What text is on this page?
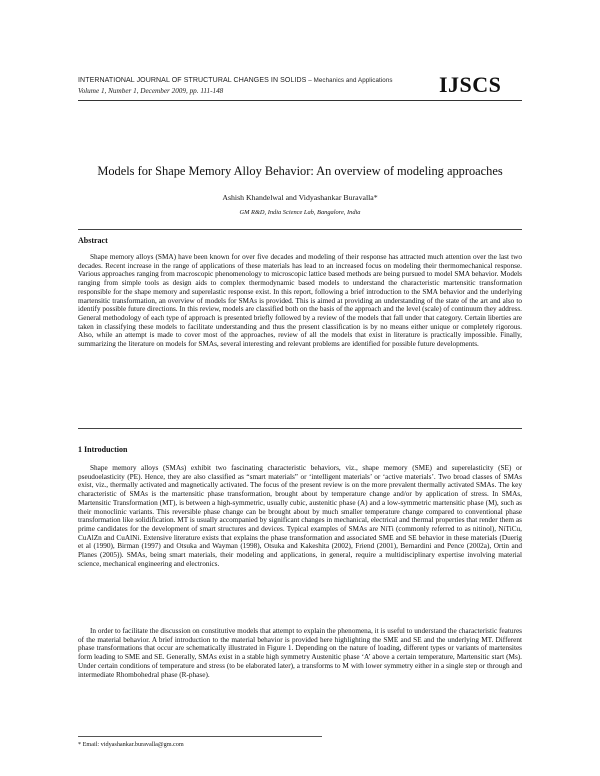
INTERNATIONAL JOURNAL OF STRUCTURAL CHANGES IN SOLIDS – Mechanics and Applications
Volume 1, Number 1, December 2009, pp. 111-148	IJSCS
Models for Shape Memory Alloy Behavior: An overview of modeling approaches
Ashish Khandelwal and Vidyashankar Buravalla*
GM R&D, India Science Lab, Bangalore, India
Abstract

Shape memory alloys (SMA) have been known for over five decades and modeling of their response has attracted much attention over the last two decades. Recent increase in the range of applications of these materials has lead to an increased focus on modeling their thermomechanical response. Various approaches ranging from macroscopic phenomenology to microscopic lattice based methods are being pursued to model SMA behavior. Models ranging from simple tools as design aids to complex thermodynamic based models to understand the characteristic martensitic transformation responsible for the shape memory and superelastic response exist. In this report, following a brief introduction to the SMA behavior and the underlying martensitic transformation, an overview of models for SMAs is provided. This is aimed at providing an understanding of the state of the art and also to identify possible future directions. In this review, models are classified both on the basis of the approach and the level (scale) of continuum they address. General methodology of each type of approach is presented briefly followed by a review of the models that fall under that category. Certain liberties are taken in classifying these models to facilitate understanding and thus the present classification is by no means either unique or completely rigorous. Also, while an attempt is made to cover most of the approaches, review of all the models that exist in literature is practically impossible. Finally, summarizing the literature on models for SMAs, several interesting and relevant problems are identified for possible future developments.

1 Introduction

Shape memory alloys (SMAs) exhibit two fascinating characteristic behaviors, viz., shape memory (SME) and superelasticity (SE) or pseudoelasticity (PE). Hence, they are also classified as “smart materials” or ‘intelligent materials’ or ‘active materials’. Two broad classes of SMAs exist, viz., thermally activated and magnetically activated. The focus of the present review is on the more prevalent thermally activated SMAs. The key characteristic of SMAs is the martensitic phase transformation, brought about by temperature change and/or by application of stress. In SMAs, Martensitic Transformation (MT), is between a high-symmetric, usually cubic, austenitic phase (A) and a low-symmetric martensitic phase (M), such as their monoclinic variants. This reversible phase change can be brought about by much smaller temperature change compared to conventional phase transformation like solidification. MT is usually accompanied by significant changes in mechanical, electrical and thermal properties that render them as prime candidates for the development of smart structures and devices. Typical examples of SMAs are NiTi (commonly referred to as nitinol), NiTiCu, CuAlZn and CuAlNi. Extensive literature exists that explains the phase transformation and associated SME and SE behavior in these materials (Duerig et al (1990), Birman (1997) and Otsuka and Wayman (1998), Otsuka and Kakeshita (2002), Friend (2001), Bernardini and Pence (2002a), Ortin and Planes (2005)). SMAs, being smart materials, their modeling and applications, in general, require a multidisciplinary expertise involving material science, mechanical engineering and electronics.

In order to facilitate the discussion on constitutive models that attempt to explain the phenomena, it is useful to understand the characteristic features of the material behavior. A brief introduction to the material behavior is provided here highlighting the SME and SE and the underlying MT. Different phase transformations that occur are schematically illustrated in Figure 1. Depending on the nature of loading, different types or variants of martensites form leading to SME and SE. Generally, SMAs exist in a stable high symmetry Austenitic phase ‘A’ above a certain temperature, Martensitic start (Ms). Under certain conditions of temperature and stress (to be elaborated later), a transforms to M with lower symmetry either in a single step or through and intermediate Rhombohedral phase (R-phase).

* Email: vidyashankar.buravalla@gm.com
